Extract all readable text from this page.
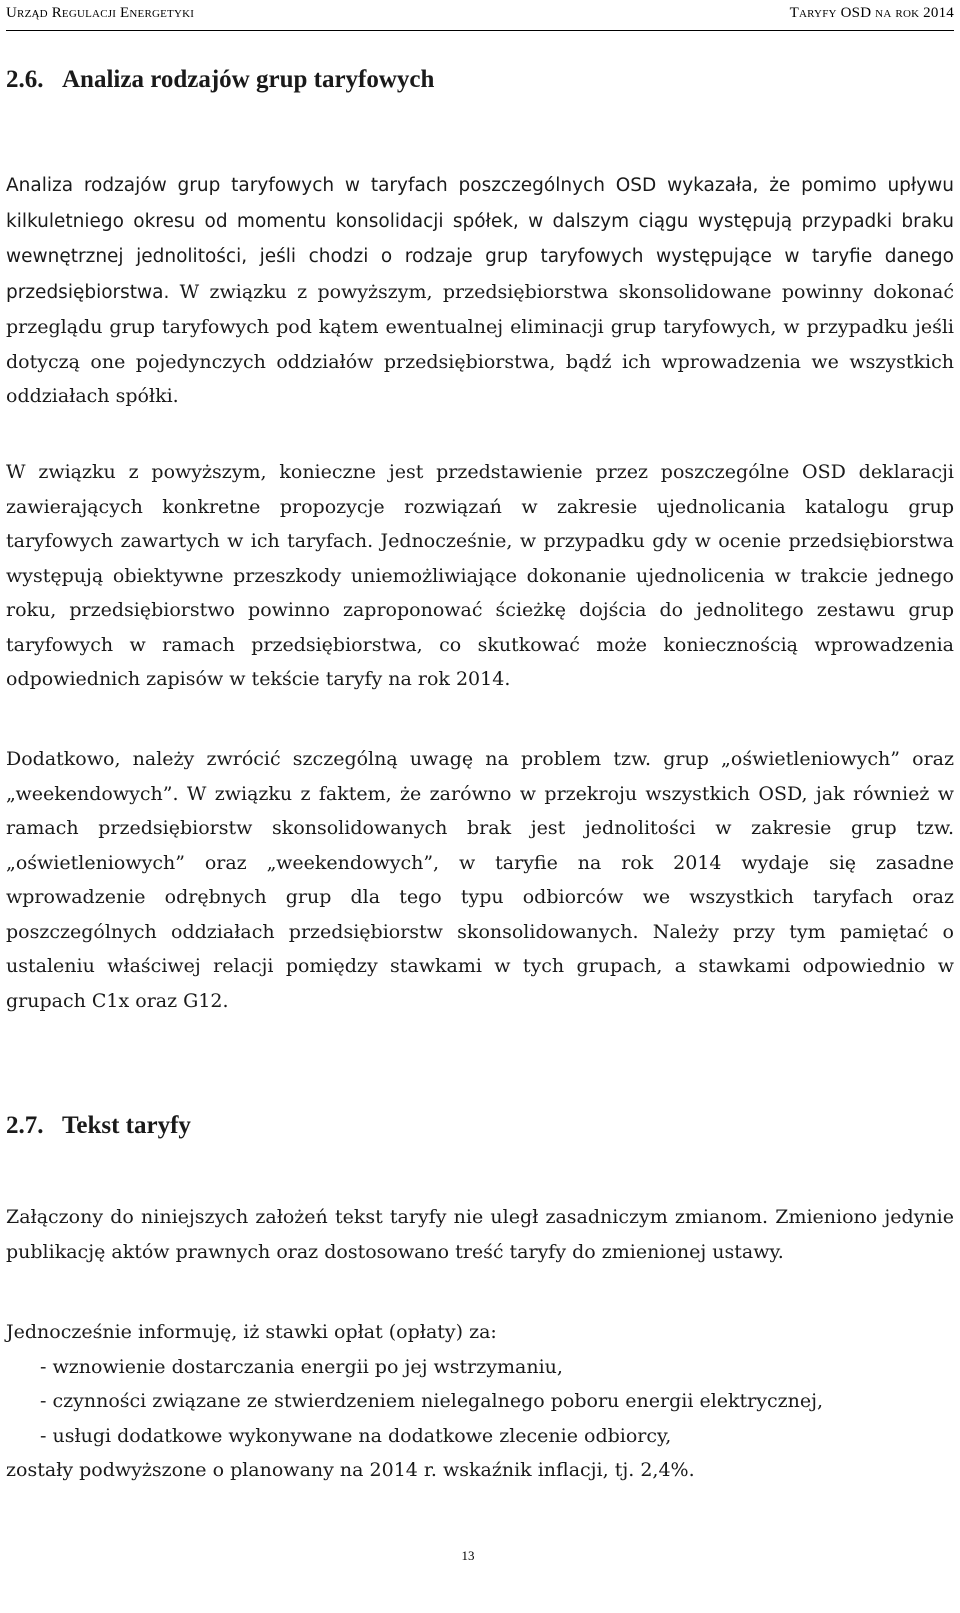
Urząd Regulacji Energetyki	Taryfy OSD na rok 2014
2.6. Analiza rodzajów grup taryfowych

Analiza rodzajów grup taryfowych w taryfach poszczególnych OSD wykazała, że pomimo upływu kilkuletniego okresu od momentu konsolidacji spółek, w dalszym ciągu występują przypadki braku wewnętrznej jednolitości, jeśli chodzi o rodzaje grup taryfowych występujące w taryfie danego przedsiębiorstwa. W związku z powyższym, przedsiębiorstwa skonsolidowane powinny dokonać przeglądu grup taryfowych pod kątem ewentualnej eliminacji grup taryfowych, w przypadku jeśli dotyczą one pojedynczych oddziałów przedsiębiorstwa, bądź ich wprowadzenia we wszystkich oddziałach spółki.

W związku z powyższym, konieczne jest przedstawienie przez poszczególne OSD deklaracji zawierających konkretne propozycje rozwiązań w zakresie ujednolicania katalogu grup taryfowych zawartych w ich taryfach. Jednocześnie, w przypadku gdy w ocenie przedsiębiorstwa występują obiektywne przeszkody uniemożliwiające dokonanie ujednolicenia w trakcie jednego roku, przedsiębiorstwo powinno zaproponować ścieżkę dojścia do jednolitego zestawu grup taryfowych w ramach przedsiębiorstwa, co skutkować może koniecznością wprowadzenia odpowiednich zapisów w tekście taryfy na rok 2014.

Dodatkowo, należy zwrócić szczególną uwagę na problem tzw. grup „oświetleniowych” oraz „weekendowych”. W związku z faktem, że zarówno w przekroju wszystkich OSD, jak również w ramach przedsiębiorstw skonsolidowanych brak jest jednolitości w zakresie grup tzw. „oświetleniowych” oraz „weekendowych”, w taryfie na rok 2014 wydaje się zasadne wprowadzenie odrębnych grup dla tego typu odbiorców we wszystkich taryfach oraz poszczególnych oddziałach przedsiębiorstw skonsolidowanych. Należy przy tym pamiętać o ustaleniu właściwej relacji pomiędzy stawkami w tych grupach, a stawkami odpowiednio w grupach C1x oraz G12.

2.7. Tekst taryfy

Załączony do niniejszych założeń tekst taryfy nie uległ zasadniczym zmianom. Zmieniono jedynie publikację aktów prawnych oraz dostosowano treść taryfy do zmienionej ustawy.

Jednocześnie informuję, iż stawki opłat (opłaty) za:
- wznowienie dostarczania energii po jej wstrzymaniu,
- czynności związane ze stwierdzeniem nielegalnego poboru energii elektrycznej,
- usługi dodatkowe wykonywane na dodatkowe zlecenie odbiorcy,
zostały podwyższone o planowany na 2014 r. wskaźnik inflacji, tj. 2,4%.
13
